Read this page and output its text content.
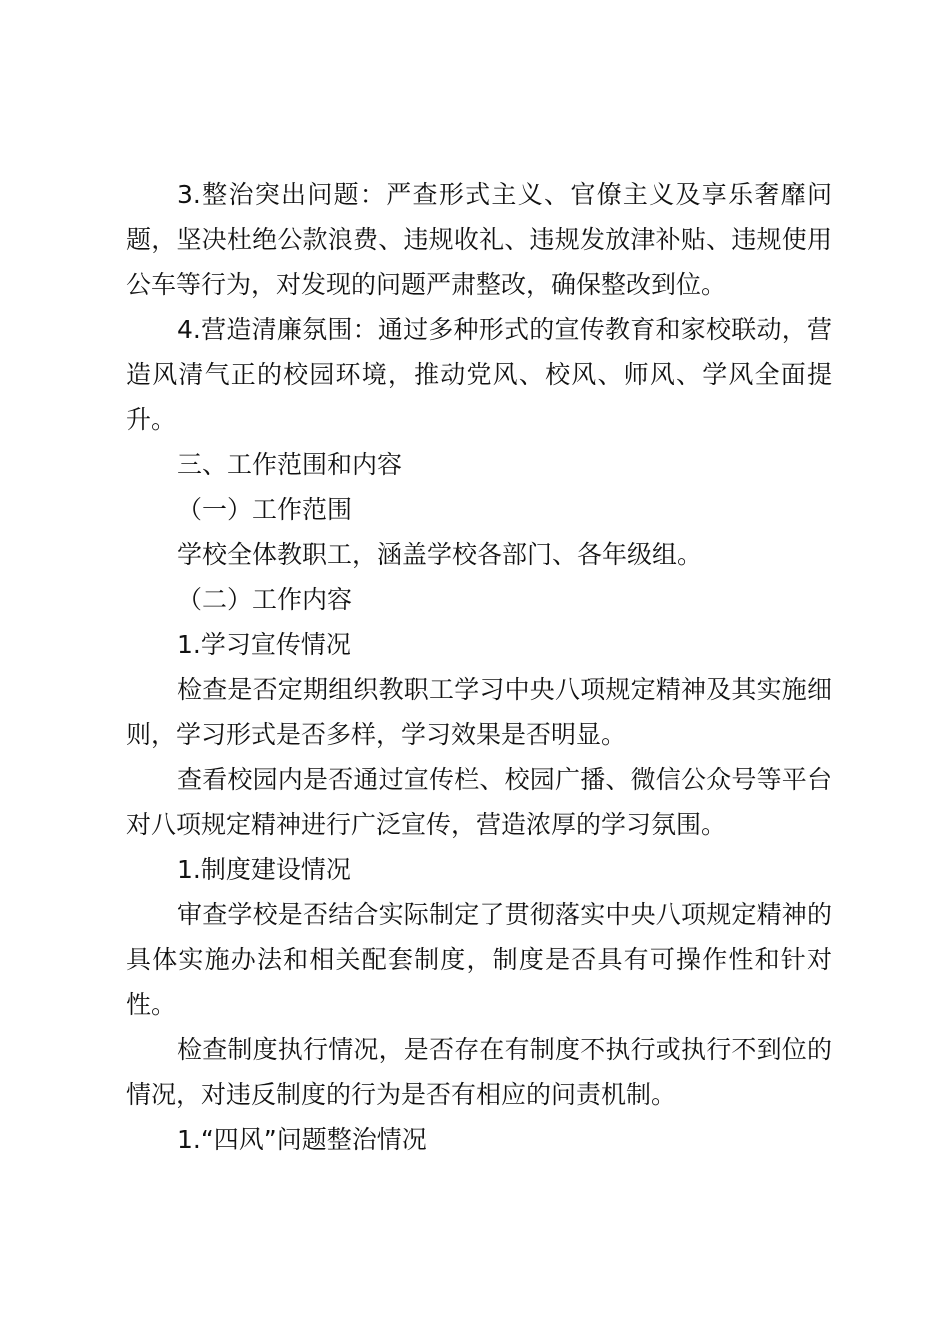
3.整治突出问题：严查形式主义、官僚主义及享乐奢靡问题，坚决杜绝公款浪费、违规收礼、违规发放津补贴、违规使用公车等行为，对发现的问题严肃整改，确保整改到位。

4.营造清廉氛围：通过多种形式的宣传教育和家校联动，营造风清气正的校园环境，推动党风、校风、师风、学风全面提升。

三、工作范围和内容

（一）工作范围

学校全体教职工，涵盖学校各部门、各年级组。

（二）工作内容

1.学习宣传情况

检查是否定期组织教职工学习中央八项规定精神及其实施细则，学习形式是否多样，学习效果是否明显。

查看校园内是否通过宣传栏、校园广播、微信公众号等平台对八项规定精神进行广泛宣传，营造浓厚的学习氛围。

1.制度建设情况

审查学校是否结合实际制定了贯彻落实中央八项规定精神的具体实施办法和相关配套制度，制度是否具有可操作性和针对性。

检查制度执行情况，是否存在有制度不执行或执行不到位的情况，对违反制度的行为是否有相应的问责机制。

1.“四风”问题整治情况
